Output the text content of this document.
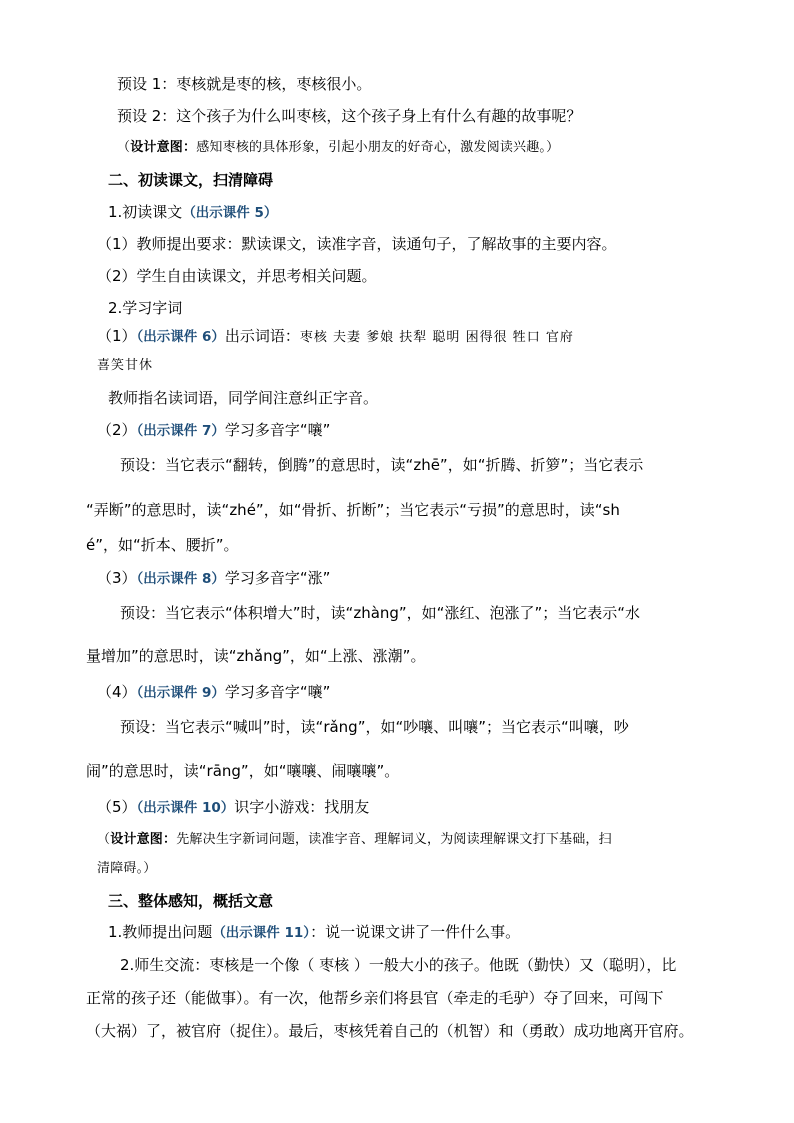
预设 1：枣核就是枣的核，枣核很小。
预设 2：这个孩子为什么叫枣核，这个孩子身上有什么有趣的故事呢？
（设计意图：感知枣核的具体形象，引起小朋友的好奇心，激发阅读兴趣。）
二、初读课文，扫清障碍
1.初读课文（出示课件 5）
（1）教师提出要求：默读课文，读准字音，读通句子，了解故事的主要内容。
（2）学生自由读课文，并思考相关问题。
2.学习字词
（1）（出示课件 6）出示词语：枣核 夫妻 爹娘 扶犁 聪明 困得很 牲口 官府
喜笑甘休
教师指名读词语，同学间注意纠正字音。
（2）（出示课件 7）学习多音字“嚷”
预设：当它表示“翻转，倒腾”的意思时，读“zhē”，如“折腾、折箩”；当它表示
“弄断”的意思时，读“zhé”，如“骨折、折断”；当它表示“亏损”的意思时，读“sh
é”，如“折本、腰折”。
（3）（出示课件 8）学习多音字“涨”
预设：当它表示“体积增大”时，读“zhàng”，如“涨红、泡涨了”；当它表示“水
量增加”的意思时，读“zhǎng”，如“上涨、涨潮”。
（4）（出示课件 9）学习多音字“嚷”
预设：当它表示“喊叫”时，读“rǎng”，如“吵嚷、叫嚷”；当它表示“叫嚷，吵
闹”的意思时，读“rāng”，如“嚷嚷、闹嚷嚷”。
（5）（出示课件 10）识字小游戏：找朋友
（设计意图：先解决生字新词问题，读准字音、理解词义，为阅读理解课文打下基础，扫
清障碍。）
三、整体感知，概括文意
1.教师提出问题（出示课件 11）：说一说课文讲了一件什么事。
2.师生交流：枣核是一个像（ 枣核 ）一般大小的孩子。他既（勤快）又（聪明），比
正常的孩子还（能做事）。有一次，他帮乡亲们将县官（牵走的毛驴）夺了回来，可闯下
（大祸）了，被官府（捉住）。最后，枣核凭着自己的（机智）和（勇敢）成功地离开官府。
